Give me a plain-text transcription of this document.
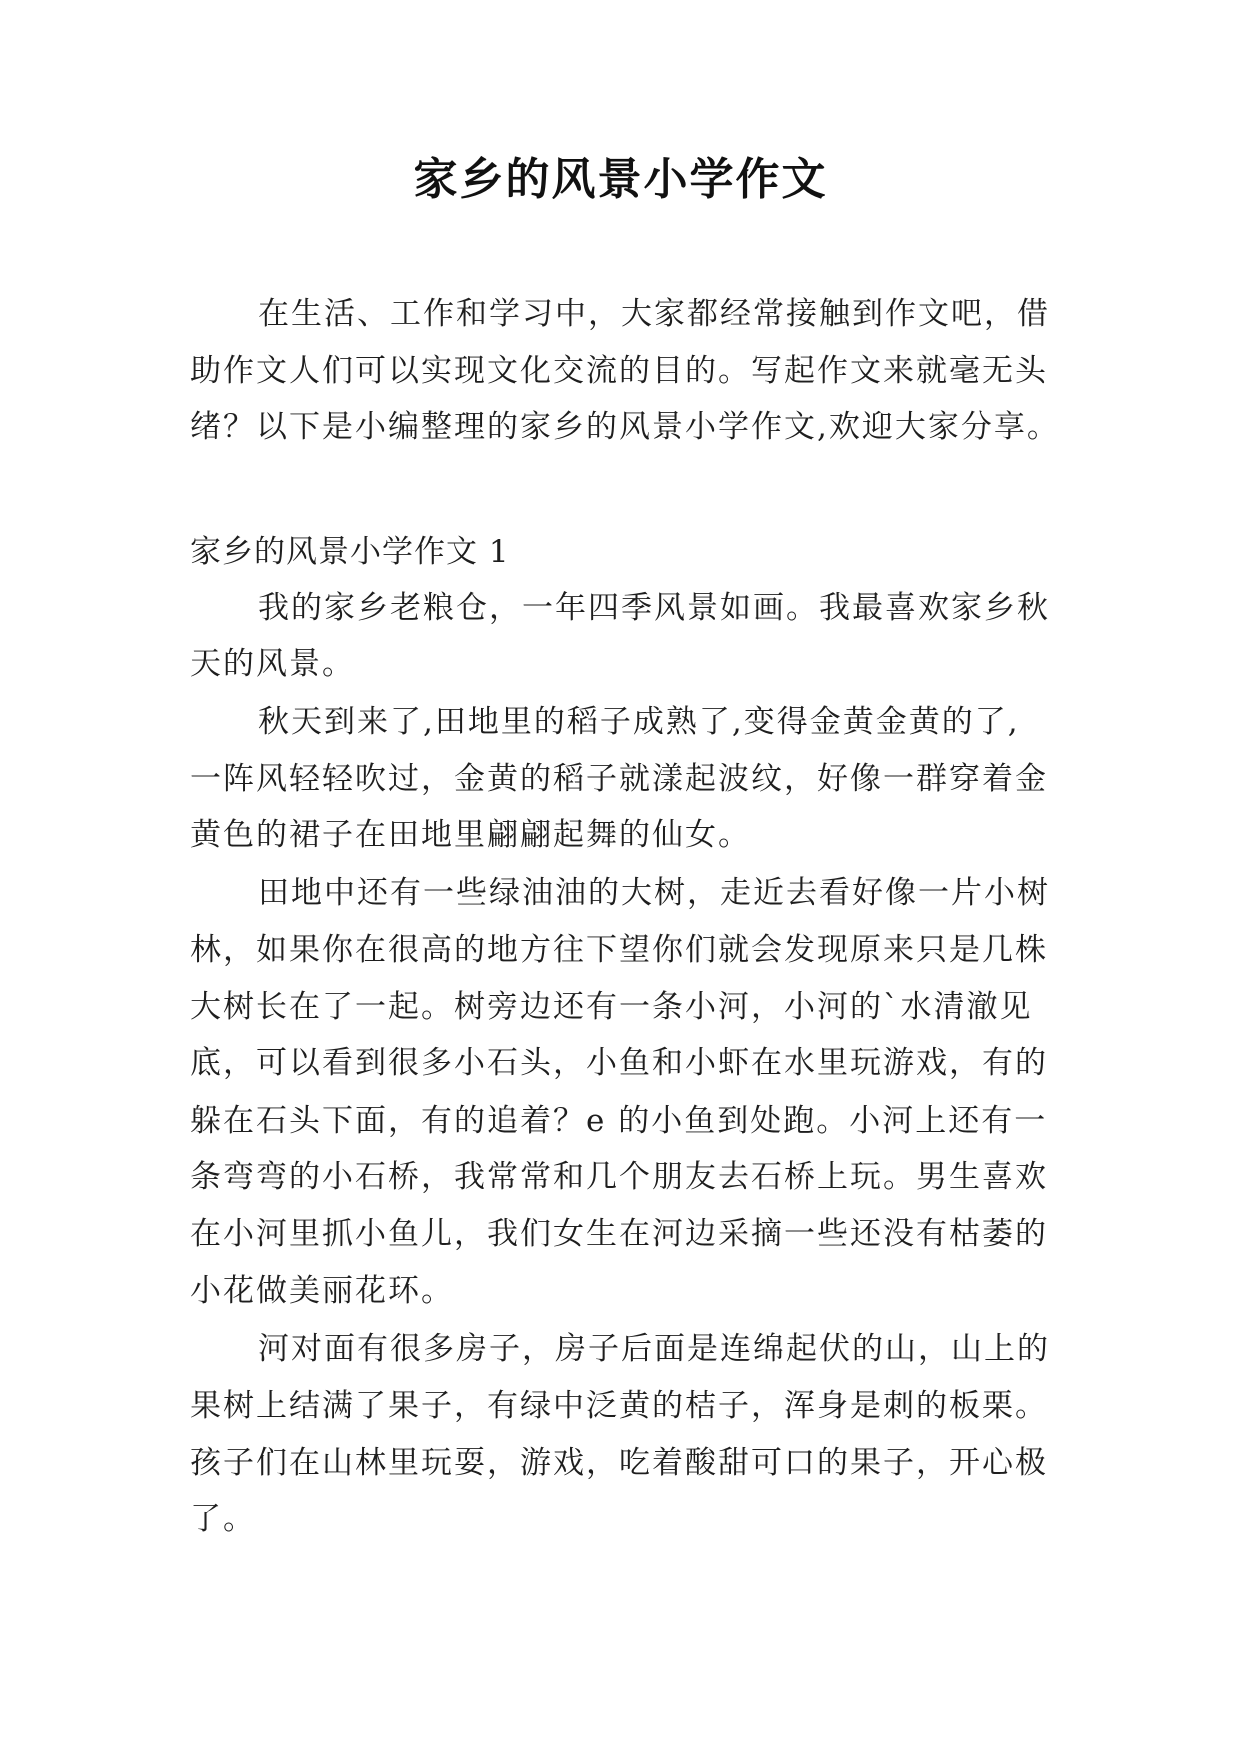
家乡的风景小学作文
在生活、工作和学习中，大家都经常接触到作文吧，借
助作文人们可以实现文化交流的目的。写起作文来就毫无头
绪？以下是小编整理的家乡的风景小学作文,欢迎大家分享。
家乡的风景小学作文 1
我的家乡老粮仓，一年四季风景如画。我最喜欢家乡秋
天的风景。
秋天到来了,田地里的稻子成熟了,变得金黄金黄的了,
一阵风轻轻吹过，金黄的稻子就漾起波纹，好像一群穿着金
黄色的裙子在田地里翩翩起舞的仙女。
田地中还有一些绿油油的大树，走近去看好像一片小树
林，如果你在很高的地方往下望你们就会发现原来只是几株
大树长在了一起。树旁边还有一条小河，小河的`水清澈见
底，可以看到很多小石头，小鱼和小虾在水里玩游戏，有的
躲在石头下面，有的追着？e 的小鱼到处跑。小河上还有一
条弯弯的小石桥，我常常和几个朋友去石桥上玩。男生喜欢
在小河里抓小鱼儿，我们女生在河边采摘一些还没有枯萎的
小花做美丽花环。
河对面有很多房子，房子后面是连绵起伏的山，山上的
果树上结满了果子，有绿中泛黄的桔子，浑身是刺的板栗。
孩子们在山林里玩耍，游戏，吃着酸甜可口的果子，开心极
了。
